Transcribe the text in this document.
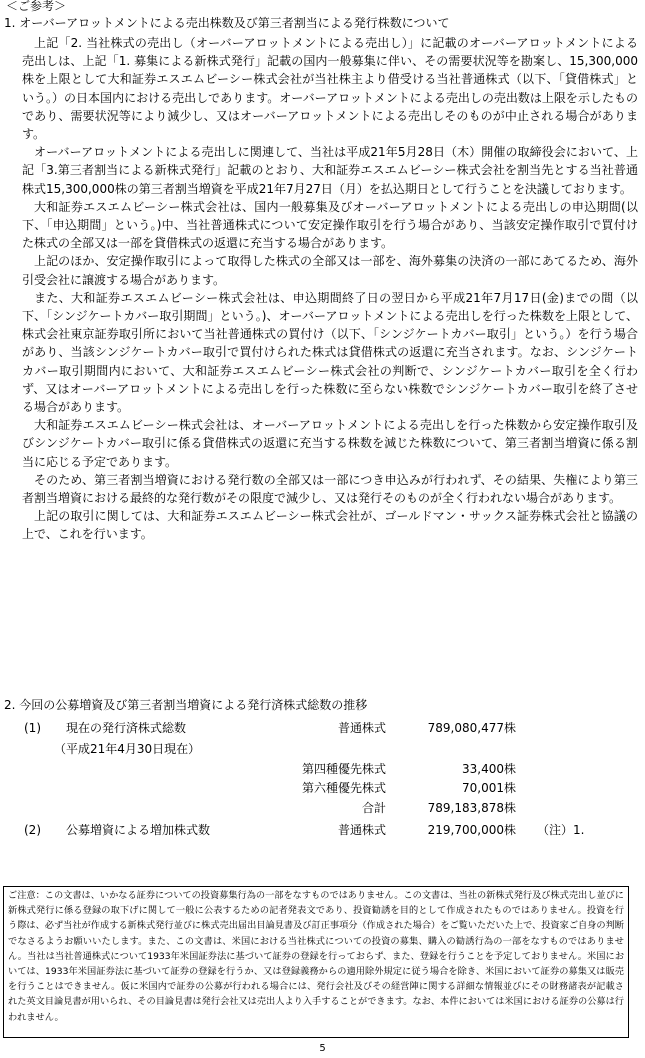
＜ご参考＞
1. オーバーアロットメントによる売出株数及び第三者割当による発行株数について

上記「2. 当社株式の売出し（オーバーアロットメントによる売出し）」に記載のオーバーアロットメントによる売出しは、上記「1. 募集による新株式発行」記載の国内一般募集に伴い、その需要状況等を勘案し、15,300,000株を上限として大和証券エスエムビーシー株式会社が当社株主より借受ける当社普通株式（以下、「貸借株式」という。）の日本国内における売出しであります。オーバーアロットメントによる売出しの売出数は上限を示したものであり、需要状況等により減少し、又はオーバーアロットメントによる売出しそのものが中止される場合があります。

オーバーアロットメントによる売出しに関連して、当社は平成21年5月28日（木）開催の取締役会において、上記「3.第三者割当による新株式発行」記載のとおり、大和証券エスエムビーシー株式会社を割当先とする当社普通株式15,300,000株の第三者割当増資を平成21年7月27日（月）を払込期日として行うことを決議しております。

大和証券エスエムビーシー株式会社は、国内一般募集及びオーバーアロットメントによる売出しの申込期間(以下、「申込期間」という。)中、当社普通株式について安定操作取引を行う場合があり、当該安定操作取引で買付けた株式の全部又は一部を貸借株式の返還に充当する場合があります。

上記のほか、安定操作取引によって取得した株式の全部又は一部を、海外募集の決済の一部にあてるため、海外引受会社に譲渡する場合があります。

また、大和証券エスエムビーシー株式会社は、申込期間終了日の翌日から平成21年7月17日(金)までの間（以下、「シンジケートカバー取引期間」という。)、オーバーアロットメントによる売出しを行った株数を上限として、株式会社東京証券取引所において当社普通株式の買付け（以下、「シンジケートカバー取引」という。）を行う場合があり、当該シンジケートカバー取引で買付けられた株式は貸借株式の返還に充当されます。なお、シンジケートカバー取引期間内において、大和証券エスエムビーシー株式会社の判断で、シンジケートカバー取引を全く行わず、又はオーバーアロットメントによる売出しを行った株数に至らない株数でシンジケートカバー取引を終了させる場合があります。

大和証券エスエムビーシー株式会社は、オーバーアロットメントによる売出しを行った株数から安定操作取引及びシンジケートカバー取引に係る貸借株式の返還に充当する株数を減じた株数について、第三者割当増資に係る割当に応じる予定であります。

そのため、第三者割当増資における発行数の全部又は一部につき申込みが行われず、その結果、失権により第三者割当増資における最終的な発行数がその限度で減少し、又は発行そのものが全く行われない場合があります。

上記の取引に関しては、大和証券エスエムビーシー株式会社が、ゴールドマン・サックス証券株式会社と協議の上で、これを行います。

2. 今回の公募増資及び第三者割当増資による発行済株式総数の推移
(1) 現在の発行済株式総数
（平成21年4月30日現在）
普通株式	789,080,477株
第四種優先株式	33,400株
第六種優先株式	70,001株
合計	789,183,878株
(2) 公募増資による増加株式数	普通株式	219,700,000株 （注）1.
ご注意：この文書は、いかなる証券についての投資募集行為の一部をなすものではありません。この文書は、当社の新株式発行及び株式売出し並びに新株式発行に係る登録の取下げに関して一般に公表するための記者発表文であり、投資勧誘を目的として作成されたものではありません。投資を行う際は、必ず当社が作成する新株式発行並びに株式売出届出目論見書及び訂正事項分（作成された場合）をご覧いただいた上で、投資家ご自身の判断でなさるようお願いいたします。また、この文書は、米国における当社株式についての投資の募集、購入の勧誘行為の一部をなすものではありません。当社は当社普通株式について1933年米国証券法に基づいて証券の登録を行っておらず、また、登録を行うことを予定しておりません。米国においては、1933年米国証券法に基づいて証券の登録を行うか、又は登録義務からの適用除外規定に従う場合を除き、米国において証券の募集又は販売を行うことはできません。仮に米国内で証券の公募が行われる場合には、発行会社及びその経営陣に関する詳細な情報並びにその財務諸表が記載された英文目論見書が用いられ、その目論見書は発行会社又は売出人より入手することができます。なお、本件においては米国における証券の公募は行われません。
5
